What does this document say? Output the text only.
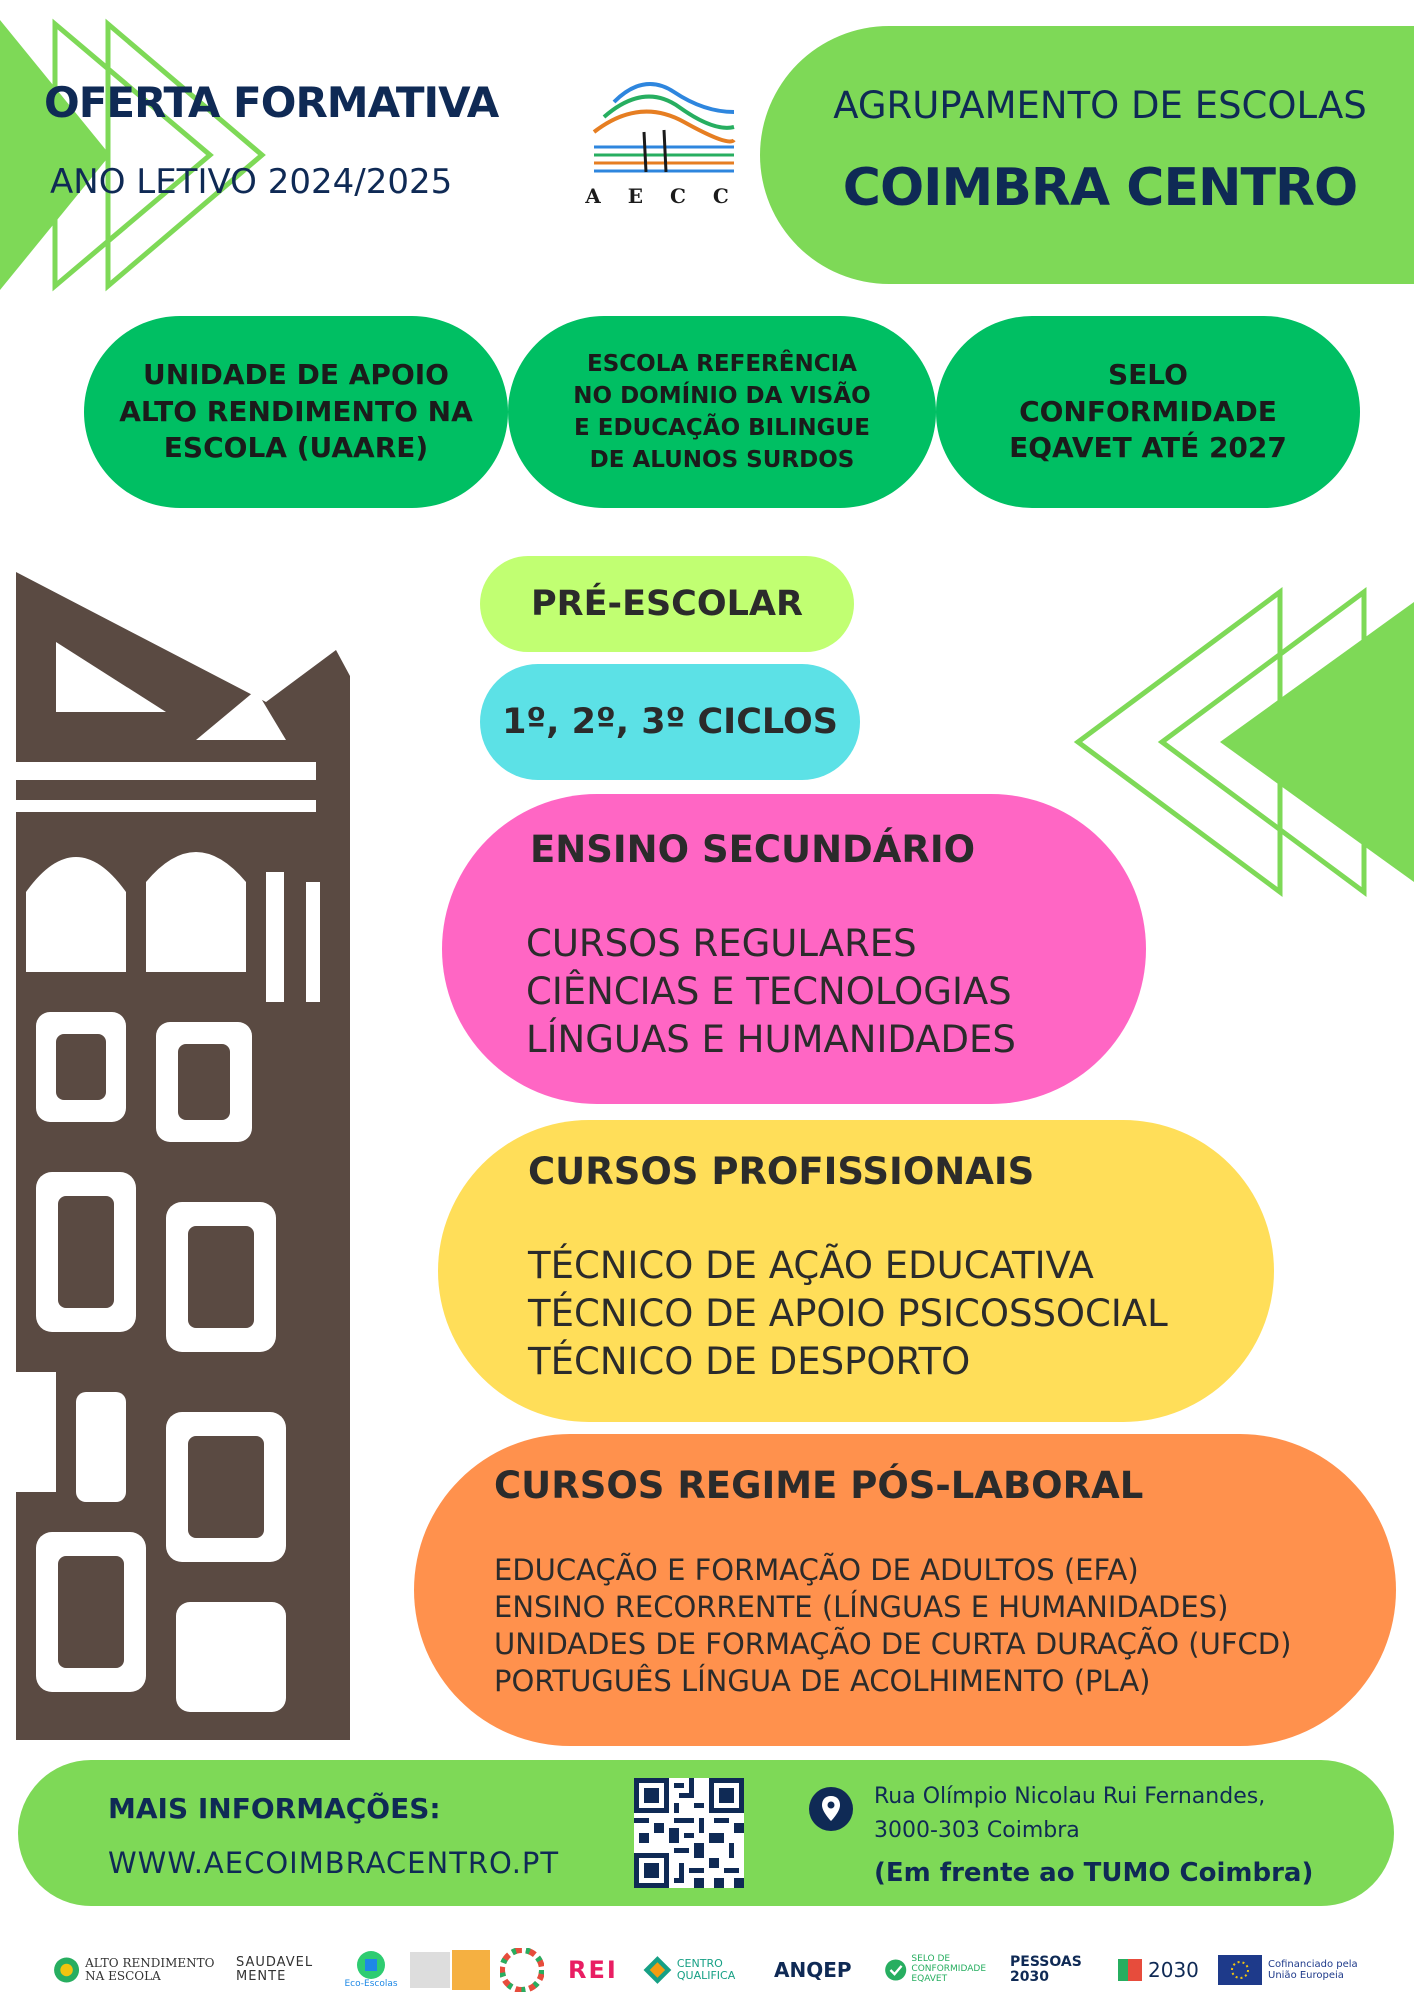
OFERTA FORMATIVA
ANO LETIVO 2024/2025	A E C C
AGRUPAMENTO DE ESCOLAS
COIMBRA CENTRO
UNIDADE DE APOIO
ALTO RENDIMENTO NA
ESCOLA (UAARE)
ESCOLA REFERÊNCIA
NO DOMÍNIO DA VISÃO
E EDUCAÇÃO BILINGUE
DE ALUNOS SURDOS
SELO
CONFORMIDADE
EQAVET ATÉ 2027
PRÉ-ESCOLAR
1º, 2º, 3º CICLOS
ENSINO SECUNDÁRIO
CURSOS REGULARES
CIÊNCIAS E TECNOLOGIAS
LÍNGUAS E HUMANIDADES
CURSOS PROFISSIONAIS
TÉCNICO DE AÇÃO EDUCATIVA
TÉCNICO DE APOIO PSICOSSOCIAL
TÉCNICO DE DESPORTO
CURSOS REGIME PÓS-LABORAL
EDUCAÇÃO E FORMAÇÃO DE ADULTOS (EFA)
ENSINO RECORRENTE (LÍNGUAS E HUMANIDADES)
UNIDADES DE FORMAÇÃO DE CURTA DURAÇÃO (UFCD)
PORTUGUÊS LÍNGUA DE ACOLHIMENTO (PLA)
MAIS INFORMAÇÕES:
WWW.AECOIMBRACENTRO.PT
Rua Olímpio Nicolau Rui Fernandes,
3000-303 Coimbra
(Em frente ao TUMO Coimbra)
ALTO RENDIMENTO NA ESCOLA
SAUDAVEL MENTE
Eco-Escolas
REI	CENTRO QUALIFICA	ANQEP	SELO DE CONFORMIDADE EQAVET
PESSOAS 2030	2030	Cofinanciado pela União Europeia
